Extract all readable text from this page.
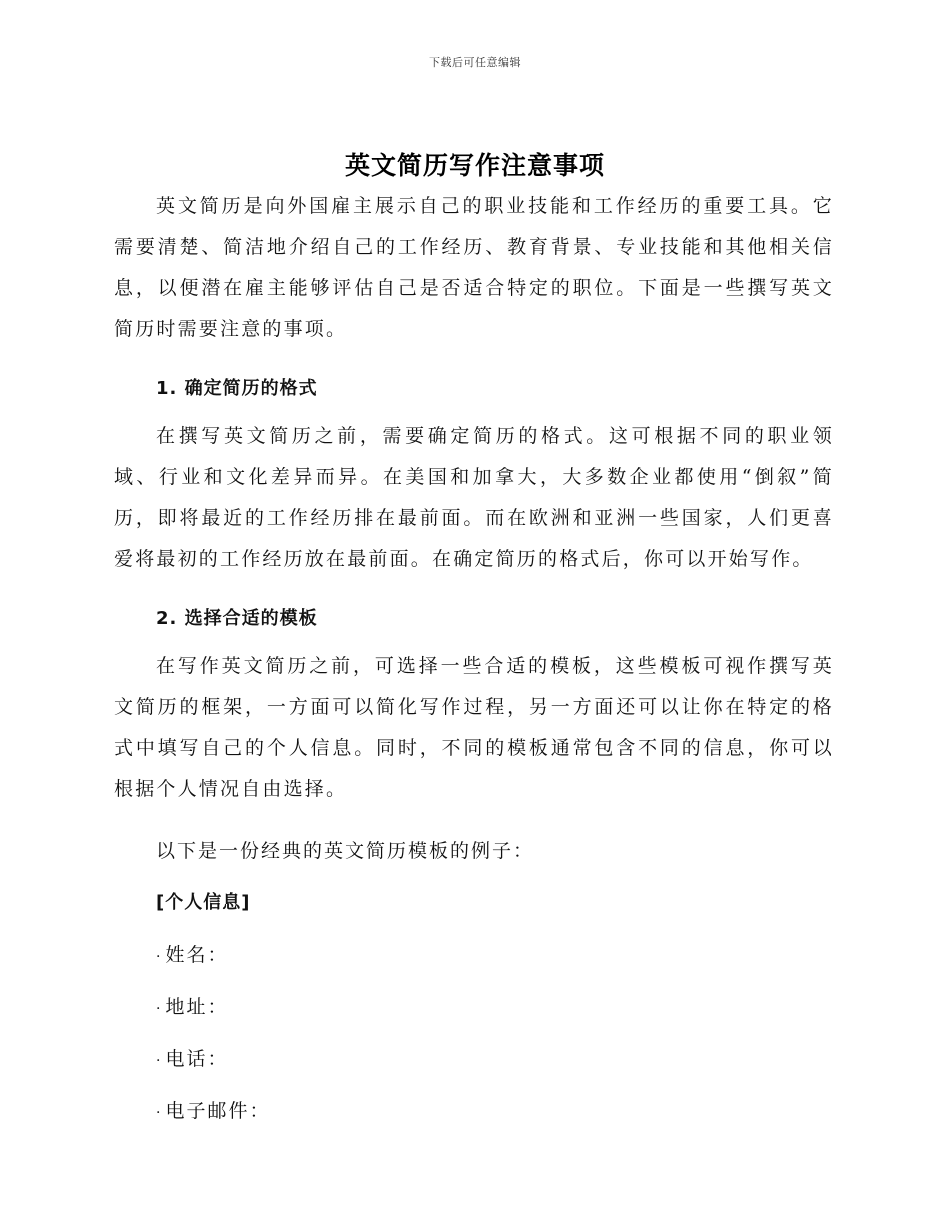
下载后可任意编辑
英文简历写作注意事项

英文简历是向外国雇主展示自己的职业技能和工作经历的重要工具。它需要清楚、简洁地介绍自己的工作经历、教育背景、专业技能和其他相关信息，以便潜在雇主能够评估自己是否适合特定的职位。下面是一些撰写英文简历时需要注意的事项。

1. 确定简历的格式

在撰写英文简历之前，需要确定简历的格式。这可根据不同的职业领域、行业和文化差异而异。在美国和加拿大，大多数企业都使用“倒叙”简历，即将最近的工作经历排在最前面。而在欧洲和亚洲一些国家，人们更喜爱将最初的工作经历放在最前面。在确定简历的格式后，你可以开始写作。

2. 选择合适的模板

在写作英文简历之前，可选择一些合适的模板，这些模板可视作撰写英文简历的框架，一方面可以简化写作过程，另一方面还可以让你在特定的格式中填写自己的个人信息。同时，不同的模板通常包含不同的信息，你可以根据个人情况自由选择。

以下是一份经典的英文简历模板的例子：

[个人信息]

· 姓名：

· 地址：

· 电话：

· 电子邮件：
